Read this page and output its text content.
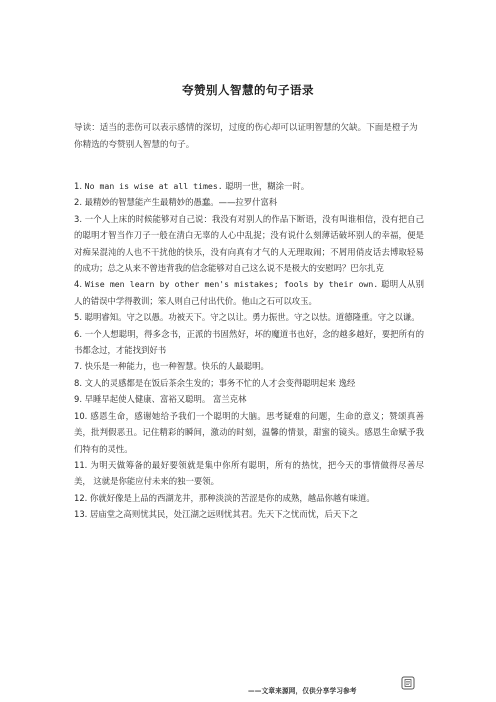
夸赞别人智慧的句子语录
导读：适当的悲伤可以表示感情的深切，过度的伤心却可以证明智慧的欠缺。下面是橙子为你精选的夸赞别人智慧的句子。

1. No man is wise at all times. 聪明一世，糊涂一时。

2. 最精妙的智慧能产生最精妙的愚蠢。——拉罗什富科

3. 一个人上床的时候能够对自己说：我没有对别人的作品下断语，没有叫谁相信，没有把自己的聪明才智当作刀子一般在清白无辜的人心中乱捉；没有说什么刻薄话破坏别人的幸福，便是对痴呆混沌的人也不干扰他的快乐，没有向真有才气的人无理取闹；不屑用俏皮话去博取轻易的成功；总之从来不曾违背我的信念能够对自己这么说不是极大的安慰吗？巴尔扎克

4. Wise men learn by other men's mistakes; fools by their own. 聪明人从别人的错误中学得教训；笨人则自己付出代价。他山之石可以攻玉。

5. 聪明睿知。守之以愚。功被天下。守之以让。勇力振世。守之以怯。道德隆重。守之以谦。

6. 一个人想聪明，得多念书，正派的书固然好，坏的魔道书也好，念的越多越好，要把所有的书都念过，才能找到好书

7. 快乐是一种能力，也一种智慧。快乐的人最聪明。

8. 文人的灵感都是在饭后茶余生发的；事务不忙的人才会变得聪明起来 逸经

9. 早睡早起使人健康、富裕又聪明。 富兰克林

10. 感恩生命，感谢她给予我们一个聪明的大脑。思考疑难的问题，生命的意义；赞颂真善美，批判假恶丑。记住精彩的瞬间，激动的时刻，温馨的情景，甜蜜的镜头。感恩生命赋予我们特有的灵性。

11. 为明天做筹备的最好要领就是集中你所有聪明，所有的热忱，把今天的事情做得尽善尽美， 这就是你能应付未来的独一要领。

12. 你就好像是上品的西湖龙井，那种淡淡的苦涩是你的成熟，越品你越有味道。

13. 居庙堂之高则忧其民，处江湖之远则忧其君。先天下之忧而忧，后天下之

——文章来源网，仅供分享学习参考
